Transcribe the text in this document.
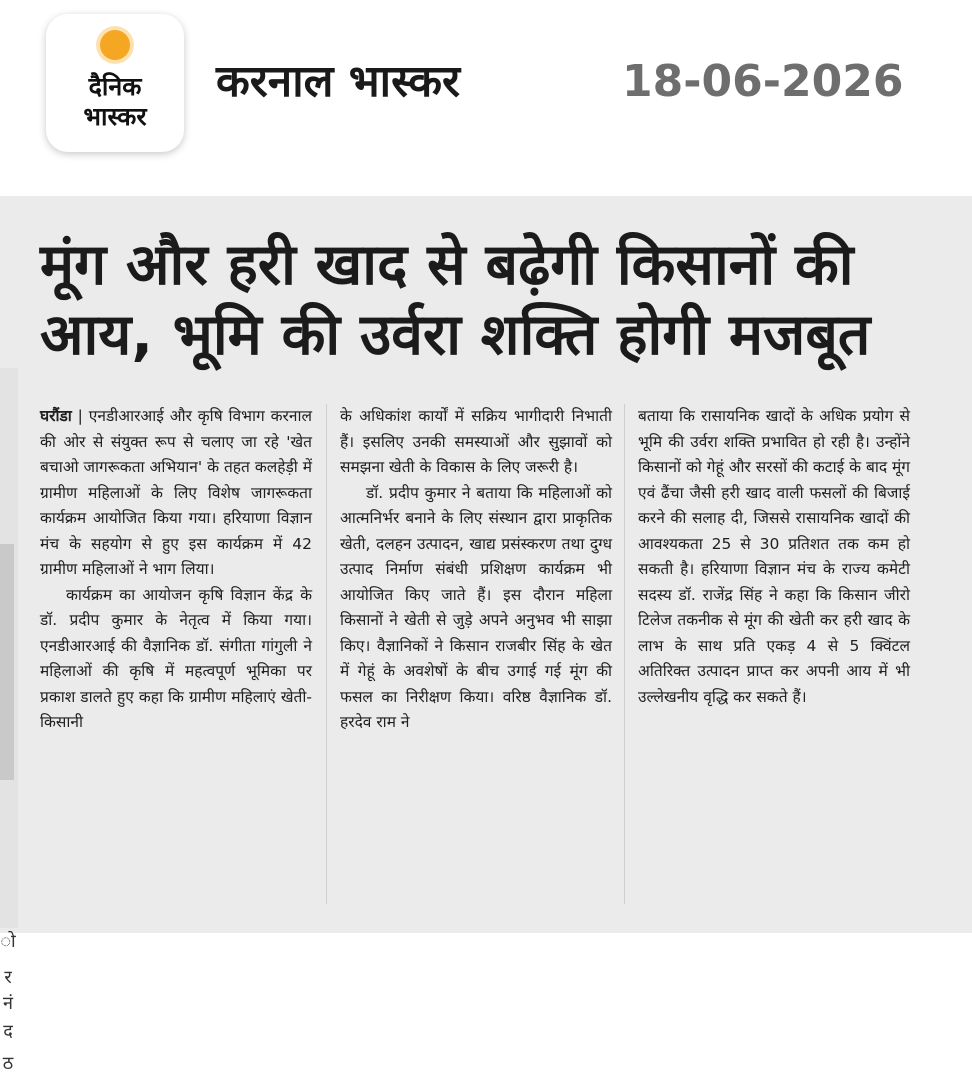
दैनिक
भास्कर
करनाल भास्कर	18-06-2026
ो
र
नं
द
ठ
मूंग और हरी खाद से बढ़ेगी किसानों की
आय, भूमि की उर्वरा शक्ति होगी मजबूत

घरौंडा | एनडीआरआई और कृषि विभाग करनाल की ओर से संयुक्त रूप से चलाए जा रहे 'खेत बचाओ जागरूकता अभियान' के तहत कलहेड़ी में ग्रामीण महिलाओं के लिए विशेष जागरूकता कार्यक्रम आयोजित किया गया। हरियाणा विज्ञान मंच के सहयोग से हुए इस कार्यक्रम में 42 ग्रामीण महिलाओं ने भाग लिया।

कार्यक्रम का आयोजन कृषि विज्ञान केंद्र के डॉ. प्रदीप कुमार के नेतृत्व में किया गया। एनडीआरआई की वैज्ञानिक डॉ. संगीता गांगुली ने महिलाओं की कृषि में महत्वपूर्ण भूमिका पर प्रकाश डालते हुए कहा कि ग्रामीण महिलाएं खेती-किसानी

के अधिकांश कार्यों में सक्रिय भागीदारी निभाती हैं। इसलिए उनकी समस्याओं और सुझावों को समझना खेती के विकास के लिए जरूरी है।

डॉ. प्रदीप कुमार ने बताया कि महिलाओं को आत्मनिर्भर बनाने के लिए संस्थान द्वारा प्राकृतिक खेती, दलहन उत्पादन, खाद्य प्रसंस्करण तथा दुग्ध उत्पाद निर्माण संबंधी प्रशिक्षण कार्यक्रम भी आयोजित किए जाते हैं। इस दौरान महिला किसानों ने खेती से जुड़े अपने अनुभव भी साझा किए। वैज्ञानिकों ने किसान राजबीर सिंह के खेत में गेहूं के अवशेषों के बीच उगाई गई मूंग की फसल का निरीक्षण किया। वरिष्ठ वैज्ञानिक डॉ. हरदेव राम ने

बताया कि रासायनिक खादों के अधिक प्रयोग से भूमि की उर्वरा शक्ति प्रभावित हो रही है। उन्होंने किसानों को गेहूं और सरसों की कटाई के बाद मूंग एवं ढैंचा जैसी हरी खाद वाली फसलों की बिजाई करने की सलाह दी, जिससे रासायनिक खादों की आवश्यकता 25 से 30 प्रतिशत तक कम हो सकती है। हरियाणा विज्ञान मंच के राज्य कमेटी सदस्य डॉ. राजेंद्र सिंह ने कहा कि किसान जीरो टिलेज तकनीक से मूंग की खेती कर हरी खाद के लाभ के साथ प्रति एकड़ 4 से 5 क्विंटल अतिरिक्त उत्पादन प्राप्त कर अपनी आय में भी उल्लेखनीय वृद्धि कर सकते हैं।
